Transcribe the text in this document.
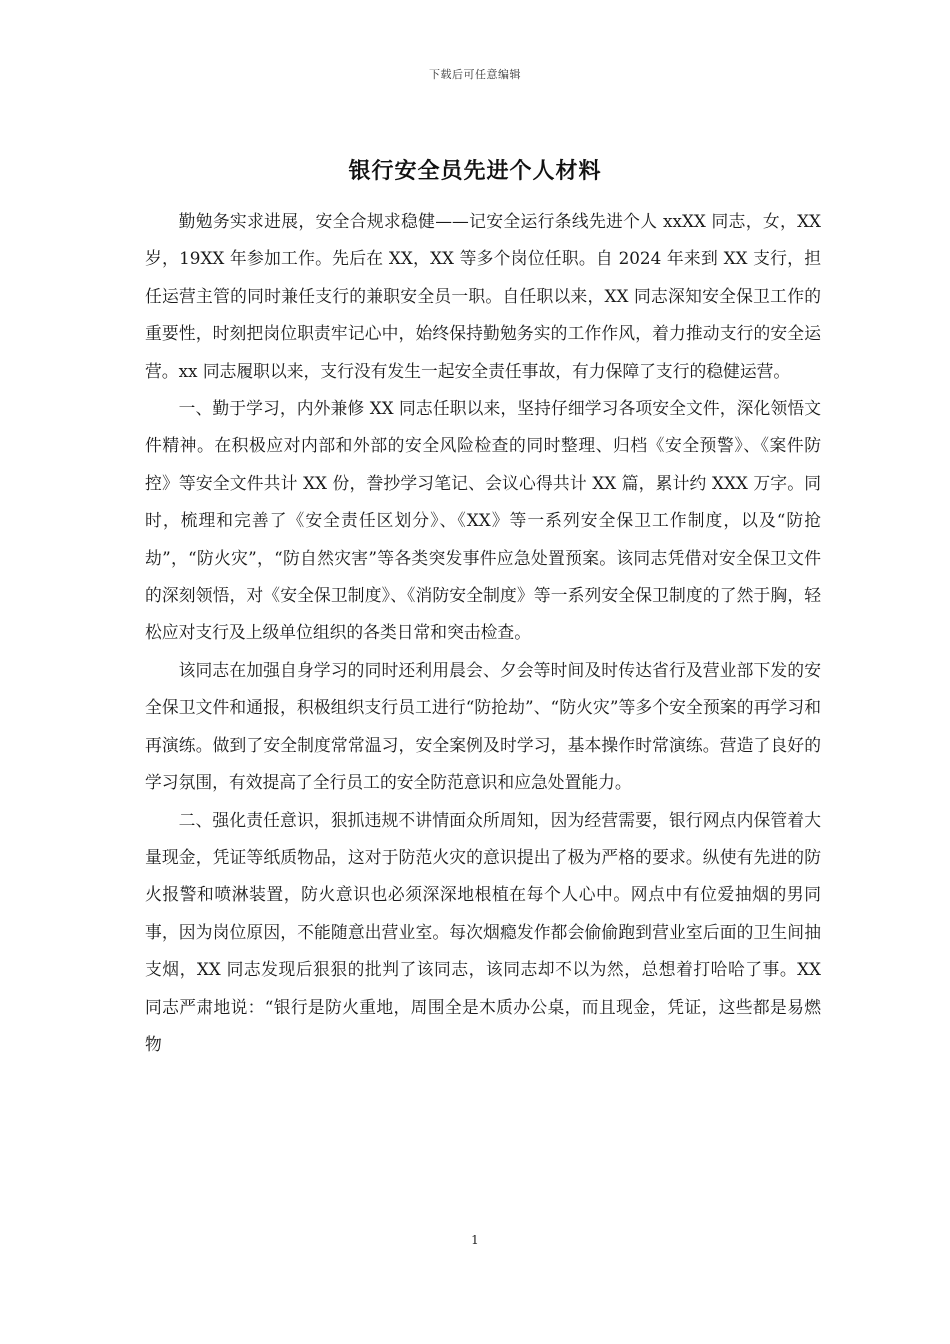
下载后可任意编辑
银行安全员先进个人材料

勤勉务实求进展，安全合规求稳健——记安全运行条线先进个人 xxXX 同志，女，XX 岁，19XX 年参加工作。先后在 XX，XX 等多个岗位任职。自 2024 年来到 XX 支行，担任运营主管的同时兼任支行的兼职安全员一职。自任职以来，XX 同志深知安全保卫工作的重要性，时刻把岗位职责牢记心中，始终保持勤勉务实的工作作风，着力推动支行的安全运营。xx 同志履职以来，支行没有发生一起安全责任事故，有力保障了支行的稳健运营。

一、勤于学习，内外兼修 XX 同志任职以来，坚持仔细学习各项安全文件，深化领悟文件精神。在积极应对内部和外部的安全风险检查的同时整理、归档《安全预警》、《案件防控》等安全文件共计 XX 份，誊抄学习笔记、会议心得共计 XX 篇，累计约 XXX 万字。同时，梳理和完善了《安全责任区划分》、《XX》等一系列安全保卫工作制度，以及“防抢劫”，“防火灾”，“防自然灾害”等各类突发事件应急处置预案。该同志凭借对安全保卫文件的深刻领悟，对《安全保卫制度》、《消防安全制度》等一系列安全保卫制度的了然于胸，轻松应对支行及上级单位组织的各类日常和突击检查。

该同志在加强自身学习的同时还利用晨会、夕会等时间及时传达省行及营业部下发的安全保卫文件和通报，积极组织支行员工进行“防抢劫”、“防火灾”等多个安全预案的再学习和再演练。做到了安全制度常常温习，安全案例及时学习，基本操作时常演练。营造了良好的学习氛围，有效提高了全行员工的安全防范意识和应急处置能力。

二、强化责任意识，狠抓违规不讲情面众所周知，因为经营需要，银行网点内保管着大量现金，凭证等纸质物品，这对于防范火灾的意识提出了极为严格的要求。纵使有先进的防火报警和喷淋装置，防火意识也必须深深地根植在每个人心中。网点中有位爱抽烟的男同事，因为岗位原因，不能随意出营业室。每次烟瘾发作都会偷偷跑到营业室后面的卫生间抽支烟，XX 同志发现后狠狠的批判了该同志，该同志却不以为然，总想着打哈哈了事。XX 同志严肃地说：“银行是防火重地，周围全是木质办公桌，而且现金，凭证，这些都是易燃物

1
